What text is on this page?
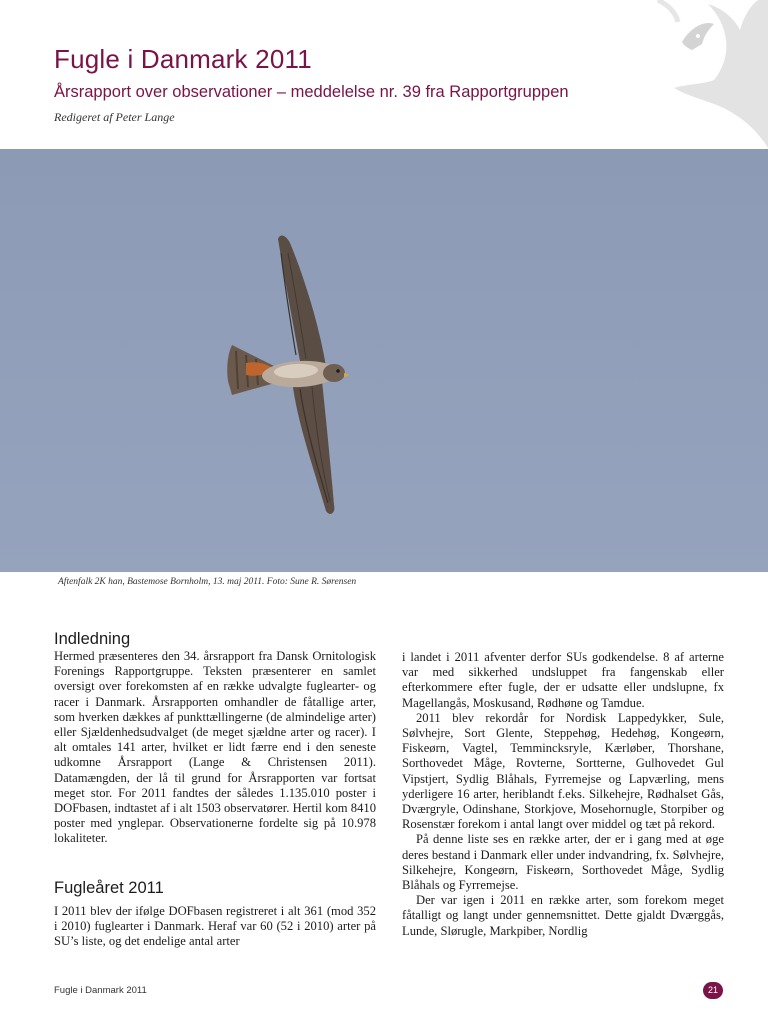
Fugle i Danmark 2011
Årsrapport over observationer – meddelelse nr. 39 fra Rapportgruppen
Redigeret af Peter Lange
Aftenfalk 2K han, Bastemose Bornholm, 13. maj 2011. Foto: Sune R. Sørensen
Indledning

Hermed præsenteres den 34. årsrapport fra Dansk Ornitologisk Forenings Rapportgruppe. Teksten præsenterer en samlet oversigt over forekomsten af en række udvalgte fuglearter- og racer i Danmark. Årsrapporten omhandler de fåtallige arter, som hverken dækkes af punkttællingerne (de almindelige arter) eller Sjældenhedsudvalget (de meget sjældne arter og racer). I alt omtales 141 arter, hvilket er lidt færre end i den seneste udkomne Årsrapport (Lange & Christensen 2011). Datamængden, der lå til grund for Årsrapporten var fortsat meget stor. For 2011 fandtes der således 1.135.010 poster i DOFbasen, indtastet af i alt 1503 observatører. Hertil kom 8410 poster med ynglepar. Observationerne fordelte sig på 10.978 lokaliteter.

Fugleåret 2011

I 2011 blev der ifølge DOFbasen registreret i alt 361 (mod 352 i 2010) fuglearter i Danmark. Heraf var 60 (52 i 2010) arter på SU’s liste, og det endelige antal arter

i landet i 2011 afventer derfor SUs godkendelse. 8 af arterne var med sikkerhed undsluppet fra fangenskab eller efterkommere efter fugle, der er udsatte eller undslupne, fx Magellangås, Moskusand, Rødhøne og Tamdue.

2011 blev rekordår for Nordisk Lappedykker, Sule, Sølvhejre, Sort Glente, Steppehøg, Hedehøg, Kongeørn, Fiskeørn, Vagtel, Temmincksryle, Kærløber, Thorshane, Sorthovedet Måge, Rovterne, Sortterne, Gulhovedet Gul Vipstjert, Sydlig Blåhals, Fyrremejse og Lapværling, mens yderligere 16 arter, heriblandt f.eks. Silkehejre, Rødhalset Gås, Dværgryle, Odinshane, Storkjove, Mosehornugle, Storpiber og Rosenstær forekom i antal langt over middel og tæt på rekord.

På denne liste ses en række arter, der er i gang med at øge deres bestand i Danmark eller under indvandring, fx. Sølvhejre, Silkehejre, Kongeørn, Fiskeørn, Sorthovedet Måge, Sydlig Blåhals og Fyrremejse.

Der var igen i 2011 en række arter, som forekom meget fåtalligt og langt under gennemsnittet. Dette gjaldt Dværggås, Lunde, Slørugle, Markpiber, Nordlig

Fugle i Danmark 2011	21
